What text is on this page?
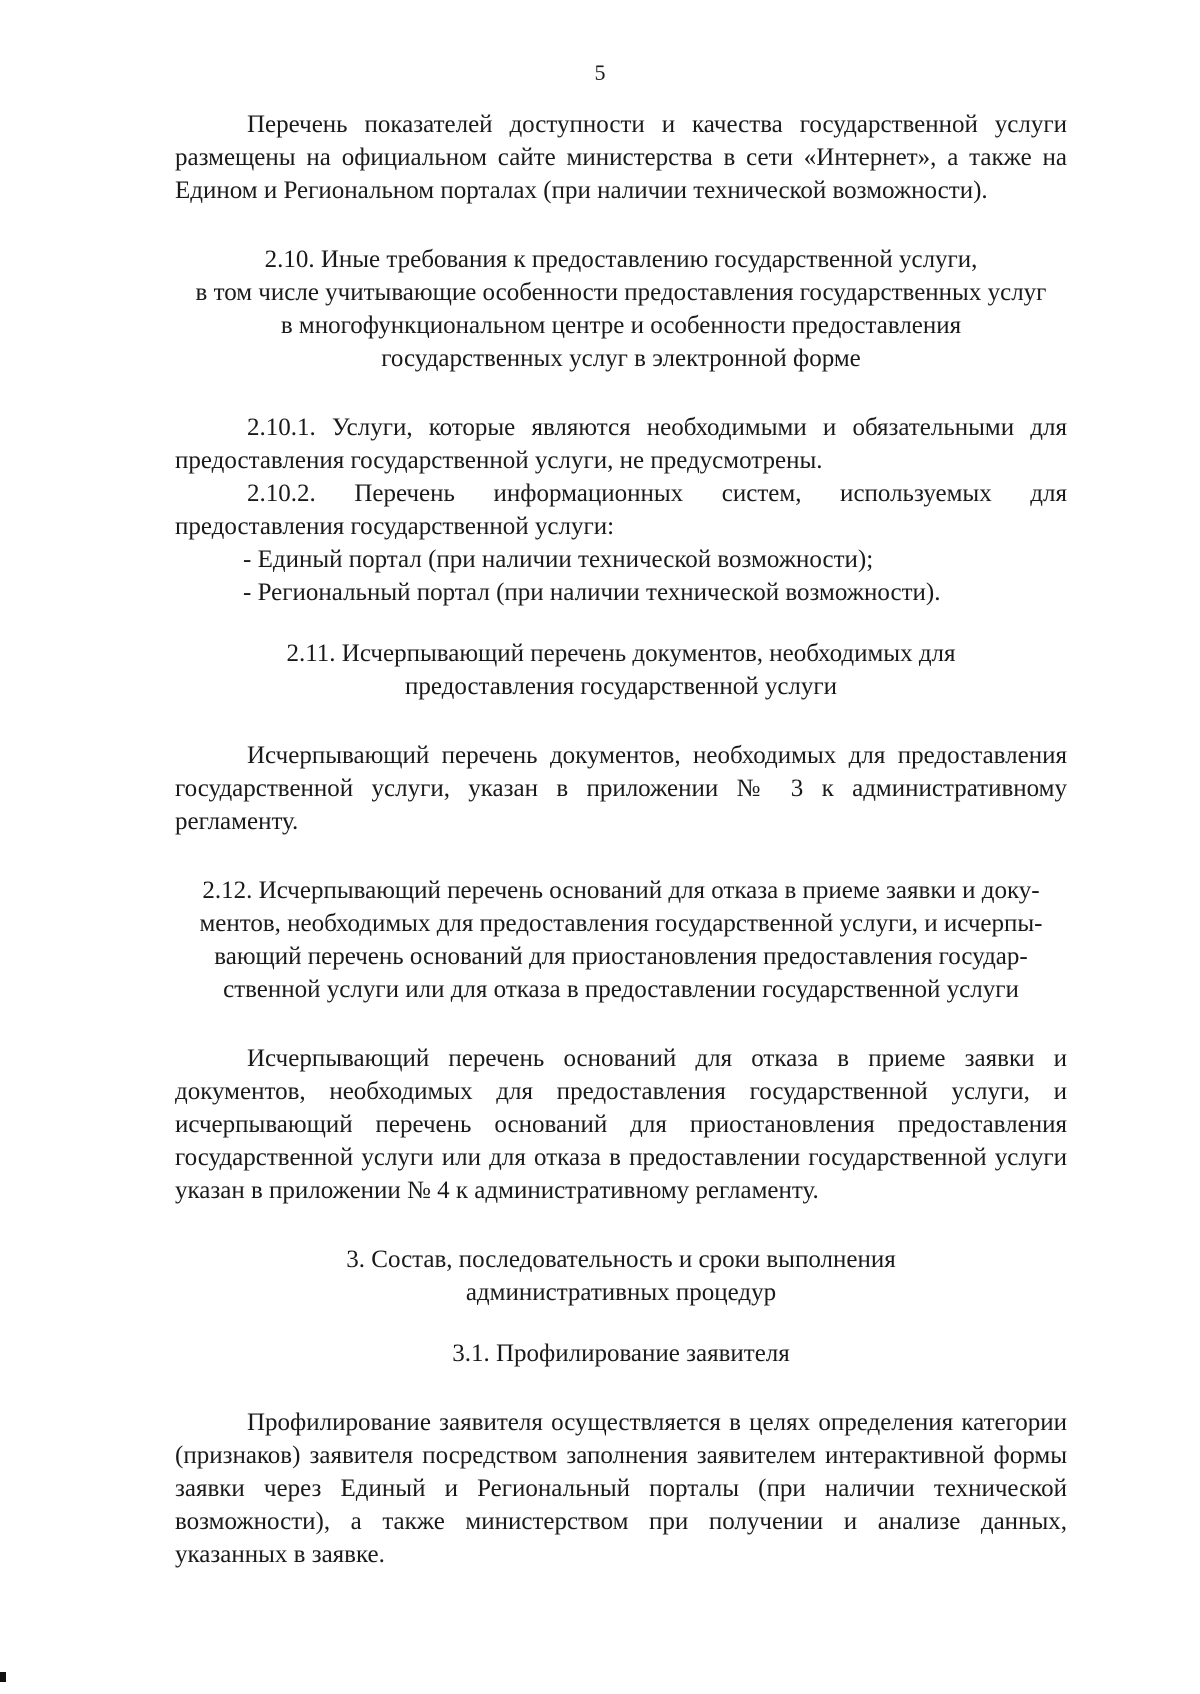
5

Перечень показателей доступности и качества государственной услуги размещены на официальном сайте министерства в сети «Интернет», а также на Едином и Региональном порталах (при наличии технической возможности).

2.10. Иные требования к предоставлению государственной услуги,
в том числе учитывающие особенности предоставления государственных услуг
в многофункциональном центре и особенности предоставления
государственных услуг в электронной форме

2.10.1. Услуги, которые являются необходимыми и обязательными для предоставления государственной услуги, не предусмотрены.

2.10.2. Перечень информационных систем, используемых для предоставления государственной услуги:

- Единый портал (при наличии технической возможности);

- Региональный портал (при наличии технической возможности).

2.11. Исчерпывающий перечень документов, необходимых для
предоставления государственной услуги

Исчерпывающий перечень документов, необходимых для предоставления государственной услуги, указан в приложении № 3 к административному регламенту.

2.12. Исчерпывающий перечень оснований для отказа в приеме заявки и доку-
ментов, необходимых для предоставления государственной услуги, и исчерпы-
вающий перечень оснований для приостановления предоставления государ-
ственной услуги или для отказа в предоставлении государственной услуги

Исчерпывающий перечень оснований для отказа в приеме заявки и документов, необходимых для предоставления государственной услуги, и исчерпывающий перечень оснований для приостановления предоставления государственной услуги или для отказа в предоставлении государственной услуги указан в приложении № 4 к административному регламенту.

3. Состав, последовательность и сроки выполнения
административных процедур
3.1. Профилирование заявителя

Профилирование заявителя осуществляется в целях определения категории (признаков) заявителя посредством заполнения заявителем интерактивной формы заявки через Единый и Региональный порталы (при наличии технической возможности), а также министерством при получении и анализе данных, указанных в заявке.
